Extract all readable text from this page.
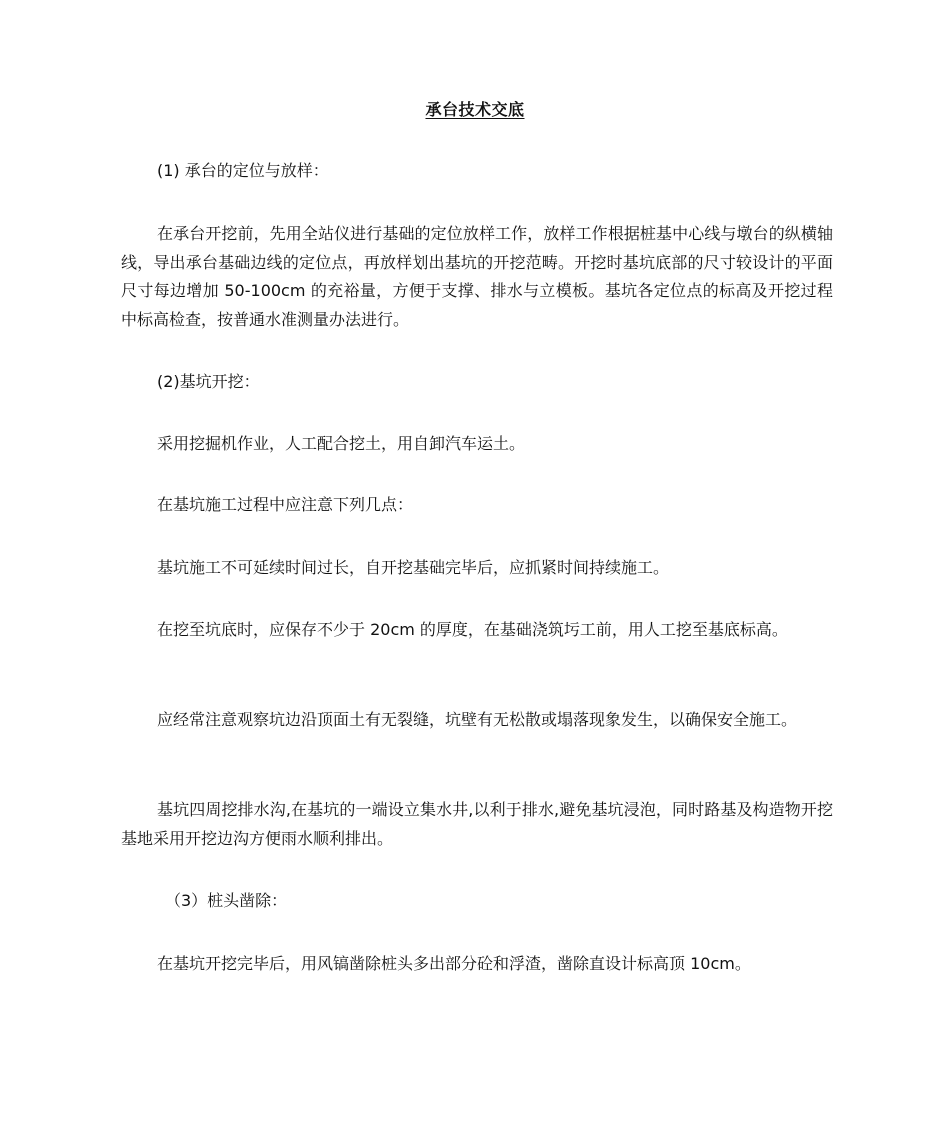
承台技术交底

(1) 承台的定位与放样：

在承台开挖前，先用全站仪进行基础的定位放样工作，放样工作根据桩基中心线与墩台的纵横轴线，导出承台基础边线的定位点，再放样划出基坑的开挖范畴。开挖时基坑底部的尺寸较设计的平面尺寸每边增加 50-100cm 的充裕量，方便于支撑、排水与立模板。基坑各定位点的标高及开挖过程中标高检查，按普通水准测量办法进行。

(2)基坑开挖：

采用挖掘机作业，人工配合挖土，用自卸汽车运土。

在基坑施工过程中应注意下列几点：

基坑施工不可延续时间过长，自开挖基础完毕后，应抓紧时间持续施工。

在挖至坑底时，应保存不少于 20cm 的厚度，在基础浇筑圬工前，用人工挖至基底标高。

应经常注意观察坑边沿顶面土有无裂缝，坑壁有无松散或塌落现象发生，以确保安全施工。

基坑四周挖排水沟,在基坑的一端设立集水井,以利于排水,避免基坑浸泡，同时路基及构造物开挖基地采用开挖边沟方便雨水顺利排出。

（3）桩头凿除：

在基坑开挖完毕后，用风镐凿除桩头多出部分砼和浮渣，凿除直设计标高顶 10cm。
